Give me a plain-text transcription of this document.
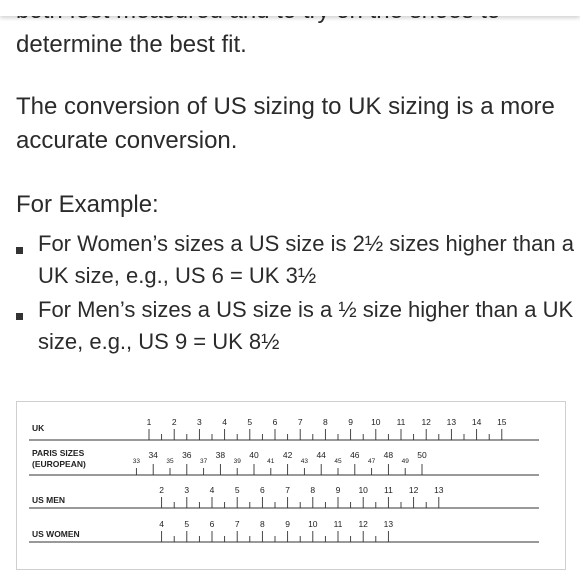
determine the best fit.

The conversion of US sizing to UK sizing is a more accurate conversion.

For Example:

For Women’s sizes a US size is 2½ sizes higher than a UK size, e.g., US 6 = UK 3½
For Men’s sizes a US size is a ½ size higher than a UK size, e.g., US 9 = UK 8½
UK
1 2 3 4 5 6 7 8 9 10 11 12 13 14 15
PARIS SIZES
(EUROPEAN)	33
34
35
36
37
38
39
40
41
42
43
44
45
46
47
48
49
50
US MEN
2 3 4 5 6 7 8 9 10 11 12 13
US WOMEN
4 5 6 7 8 9 10 11 12 13
